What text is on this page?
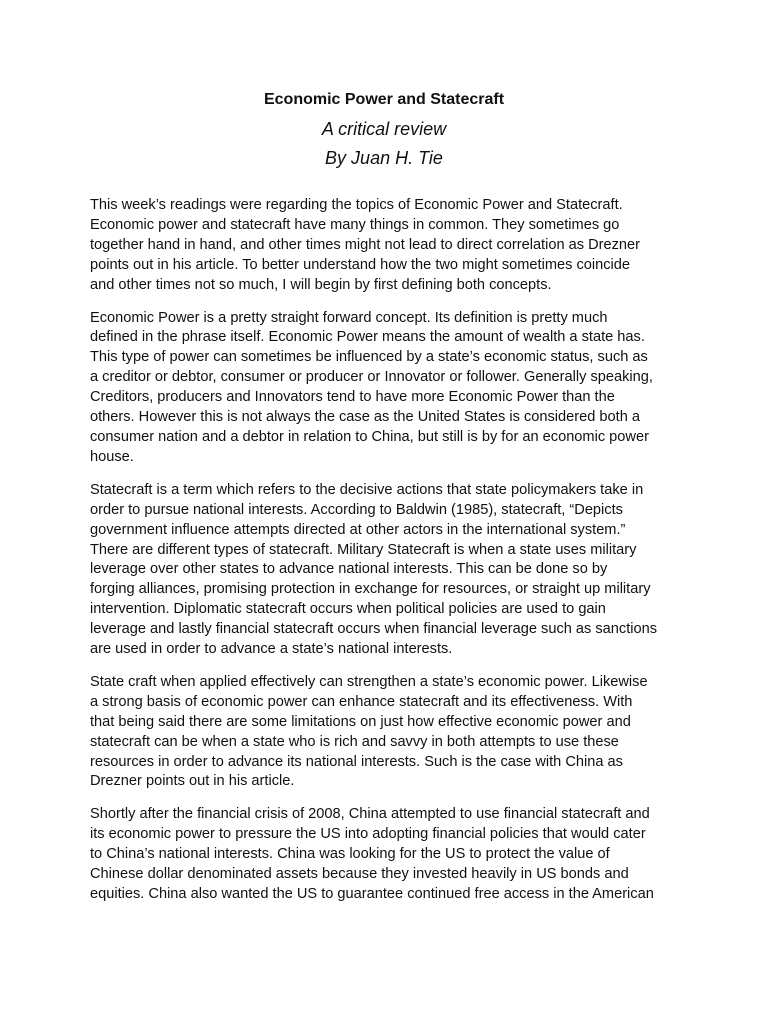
Economic Power and Statecraft
A critical review
By Juan H. Tie

This week’s readings were regarding the topics of Economic Power and Statecraft.
Economic power and statecraft have many things in common. They sometimes go
together hand in hand, and other times might not lead to direct correlation as Drezner
points out in his article. To better understand how the two might sometimes coincide
and other times not so much, I will begin by first defining both concepts.

Economic Power is a pretty straight forward concept. Its definition is pretty much
defined in the phrase itself. Economic Power means the amount of wealth a state has.
This type of power can sometimes be influenced by a state’s economic status, such as
a creditor or debtor, consumer or producer or Innovator or follower. Generally speaking,
Creditors, producers and Innovators tend to have more Economic Power than the
others. However this is not always the case as the United States is considered both a
consumer nation and a debtor in relation to China, but still is by for an economic power
house.

Statecraft is a term which refers to the decisive actions that state policymakers take in
order to pursue national interests. According to Baldwin (1985), statecraft, “Depicts
government influence attempts directed at other actors in the international system.”
There are different types of statecraft. Military Statecraft is when a state uses military
leverage over other states to advance national interests. This can be done so by
forging alliances, promising protection in exchange for resources, or straight up military
intervention. Diplomatic statecraft occurs when political policies are used to gain
leverage and lastly financial statecraft occurs when financial leverage such as sanctions
are used in order to advance a state’s national interests.

State craft when applied effectively can strengthen a state’s economic power. Likewise
a strong basis of economic power can enhance statecraft and its effectiveness. With
that being said there are some limitations on just how effective economic power and
statecraft can be when a state who is rich and savvy in both attempts to use these
resources in order to advance its national interests. Such is the case with China as
Drezner points out in his article.

Shortly after the financial crisis of 2008, China attempted to use financial statecraft and
its economic power to pressure the US into adopting financial policies that would cater
to China’s national interests. China was looking for the US to protect the value of
Chinese dollar denominated assets because they invested heavily in US bonds and
equities. China also wanted the US to guarantee continued free access in the American
